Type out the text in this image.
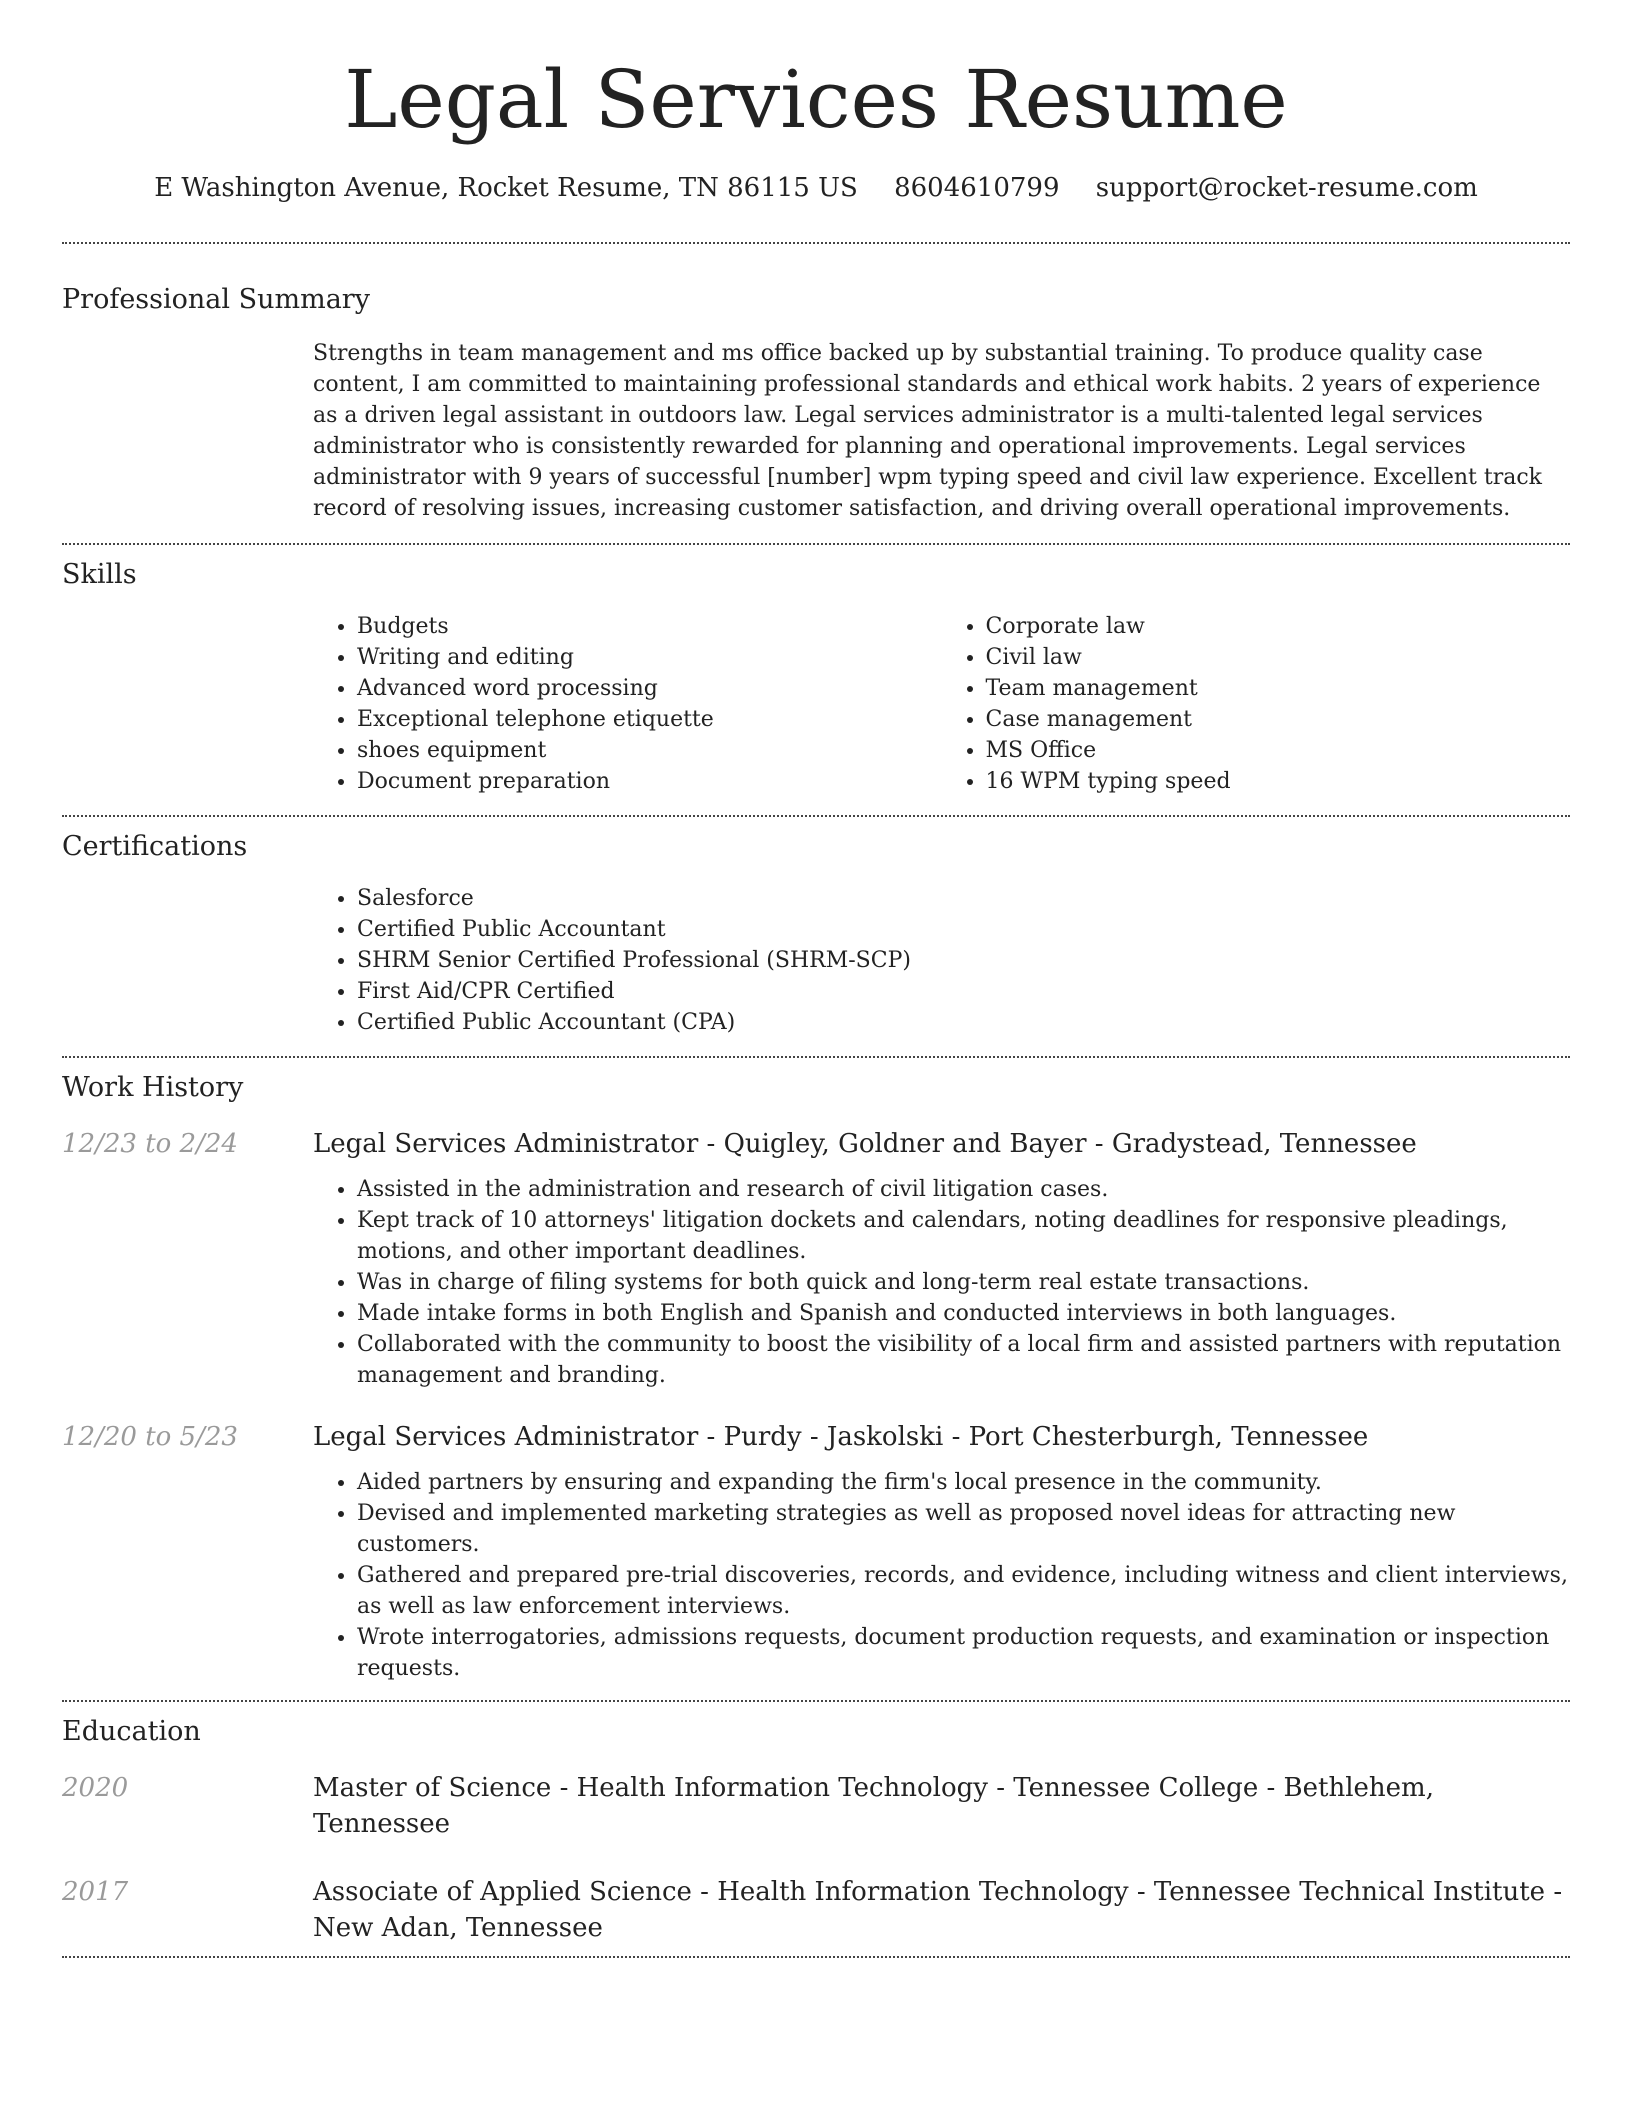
Legal Services Resume
E Washington Avenue, Rocket Resume, TN 86115 US 8604610799 support@rocket-resume.com
Professional Summary

Strengths in team management and ms office backed up by substantial training. To produce quality case content, I am committed to maintaining professional standards and ethical work habits. 2 years of experience as a driven legal assistant in outdoors law. Legal services administrator is a multi-talented legal services administrator who is consistently rewarded for planning and operational improvements. Legal services administrator with 9 years of successful [number] wpm typing speed and civil law experience. Excellent track record of resolving issues, increasing customer satisfaction, and driving overall operational improvements.

Skills
• Budgets
• Writing and editing
• Advanced word processing
• Exceptional telephone etiquette
• shoes equipment
• Document preparation
• Corporate law
• Civil law
• Team management
• Case management
• MS Office
• 16 WPM typing speed
Certifications
• Salesforce
• Certified Public Accountant
• SHRM Senior Certified Professional (SHRM-SCP)
• First Aid/CPR Certified
• Certified Public Accountant (CPA)
Work History
12/23 to 2/24	Legal Services Administrator - Quigley, Goldner and Bayer - Gradystead, Tennessee
• Assisted in the administration and research of civil litigation cases.
• Kept track of 10 attorneys' litigation dockets and calendars, noting deadlines for responsive pleadings, motions, and other important deadlines.
• Was in charge of filing systems for both quick and long-term real estate transactions.
• Made intake forms in both English and Spanish and conducted interviews in both languages.
• Collaborated with the community to boost the visibility of a local firm and assisted partners with reputation management and branding.
12/20 to 5/23	Legal Services Administrator - Purdy - Jaskolski - Port Chesterburgh, Tennessee
• Aided partners by ensuring and expanding the firm's local presence in the community.
• Devised and implemented marketing strategies as well as proposed novel ideas for attracting new customers.
• Gathered and prepared pre-trial discoveries, records, and evidence, including witness and client interviews, as well as law enforcement interviews.
• Wrote interrogatories, admissions requests, document production requests, and examination or inspection requests.
Education
2020	Master of Science - Health Information Technology - Tennessee College - Bethlehem, Tennessee
2017	Associate of Applied Science - Health Information Technology - Tennessee Technical Institute - New Adan, Tennessee
